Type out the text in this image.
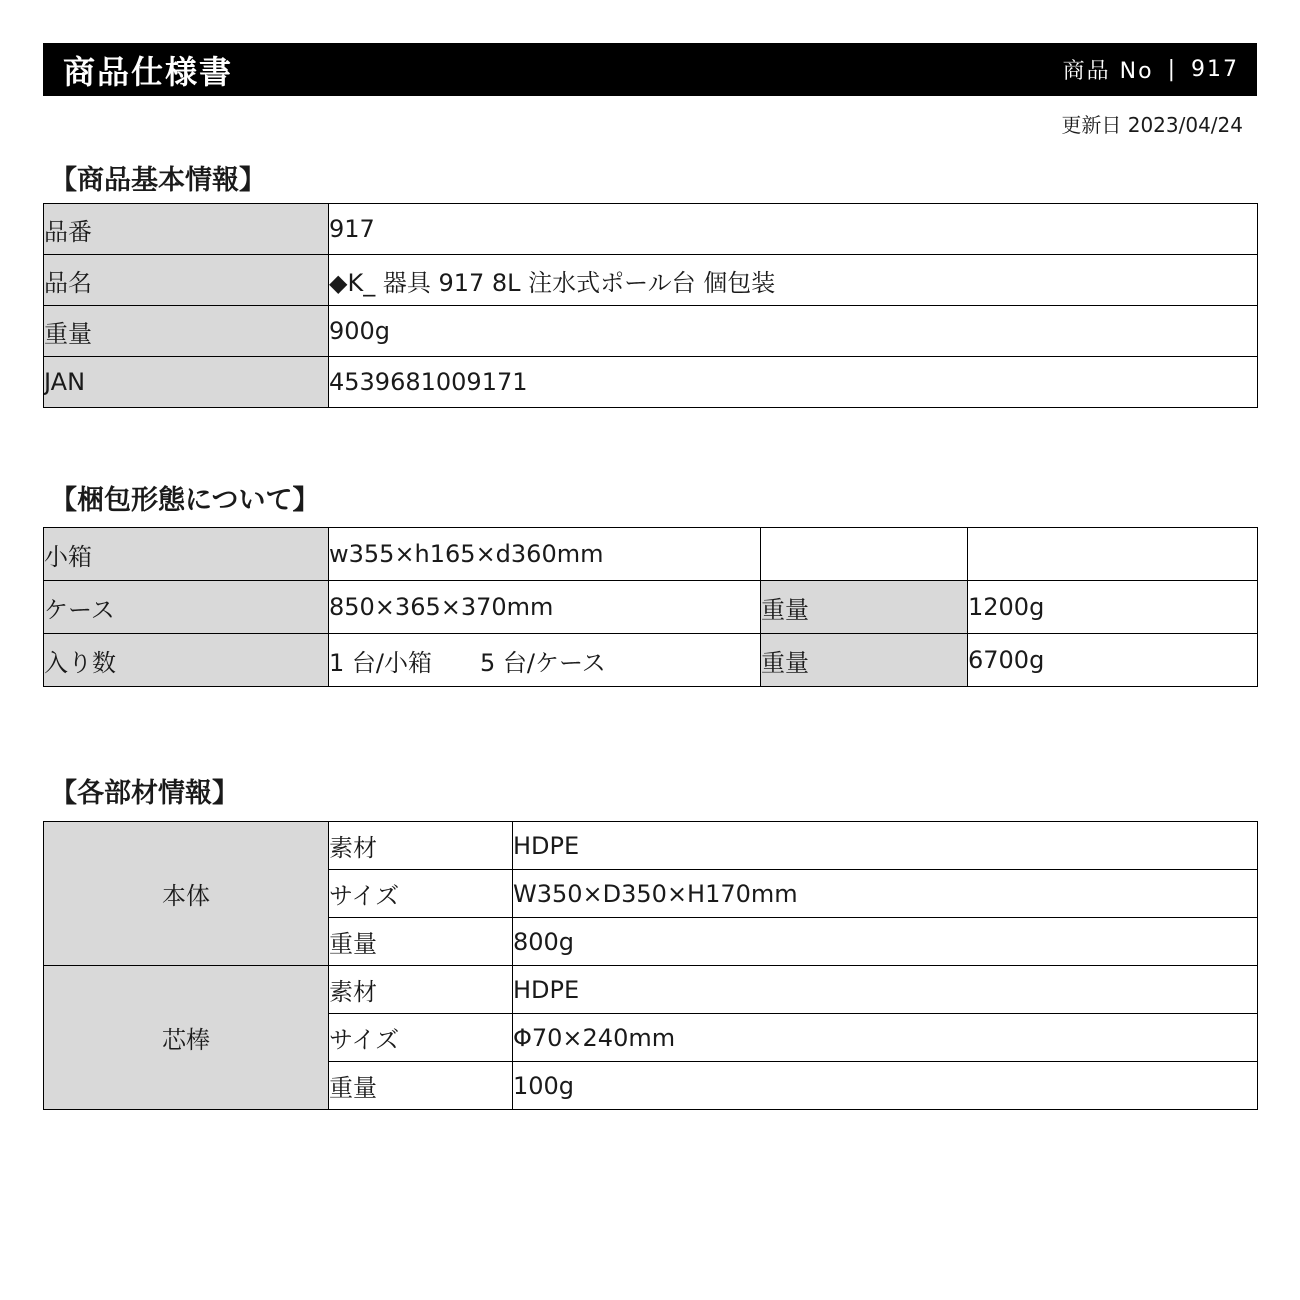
商品仕様書	商品 No | 917
更新日 2023/04/24
【商品基本情報】
品番	917
品名	◆K_ 器具 917 8L 注水式ポール台 個包装
重量	900g
JAN	4539681009171
【梱包形態について】
小箱	w355×h165×d360mm		
ケース	850×365×370mm	重量	1200g
入り数	1 台/小箱 5 台/ケース	重量	6700g
【各部材情報】
本体	素材	HDPE
	サイズ	W350×D350×H170mm
	重量	800g
芯棒	素材	HDPE
	サイズ	Φ70×240mm
	重量	100g
